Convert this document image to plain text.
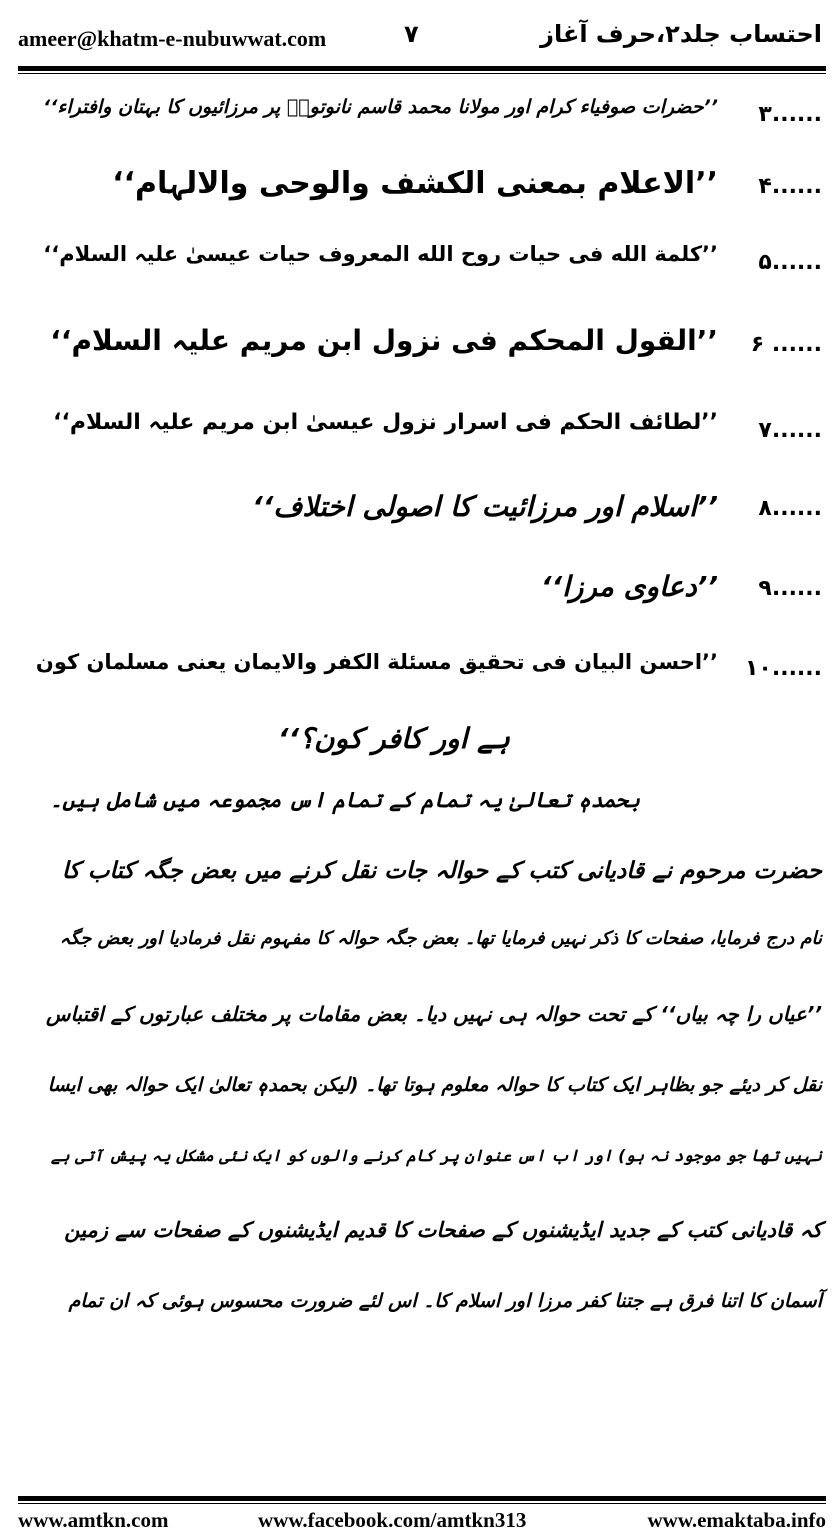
ameer@khatm-e-nubuwwat.com	۷	احتساب جلد۲،حرف آغاز
’’حضرات صوفیاء کرام اور مولانا محمد قاسم نانوتویؒ پر مرزائیوں کا بہتان وافتراء‘‘ ۳......
’’الاعلام بمعنی الکشف والوحی والالہام‘‘ ۴......
’’کلمة الله فی حیات روح الله المعروف حیات عیسیٰ علیہ السلام‘‘ ۵......
’’القول المحکم فی نزول ابن مریم علیہ السلام‘‘ ۶ ......
’’لطائف الحکم فی اسرار نزول عیسیٰ ابن مریم علیہ السلام‘‘ ۷......
’’اسلام اور مرزائیت کا اصولی اختلاف‘‘ ۸......
’’دعاوی مرزا‘‘ ۹......
’’احسن البیان فی تحقیق مسئلة الکفر والایمان یعنی مسلمان کون ۱۰......
ہے اور کافر کون؟‘‘
بحمدہٖ تعالیٰ یہ تمام کے تمام اس مجموعہ میں شامل ہیں۔
حضرت مرحوم نے قادیانی کتب کے حوالہ جات نقل کرنے میں بعض جگہ کتاب کا
نام درج فرمایا، صفحات کا ذکر نہیں فرمایا تھا۔ بعض جگہ حوالہ کا مفہوم نقل فرمادیا اور بعض جگہ
’’عیاں را چہ بیاں‘‘ کے تحت حوالہ ہی نہیں دیا۔ بعض مقامات پر مختلف عبارتوں کے اقتباس
نقل کر دیئے جو بظاہر ایک کتاب کا حوالہ معلوم ہوتا تھا۔ (لیکن بحمدہٖ تعالیٰ ایک حوالہ بھی ایسا
نہیں تھا جو موجود نہ ہو) اور اب اس عنوان پر کام کرنے والوں کو ایک نئی مشکل یہ پیش آتی ہے
کہ قادیانی کتب کے جدید ایڈیشنوں کے صفحات کا قدیم ایڈیشنوں کے صفحات سے زمین
آسمان کا اتنا فرق ہے جتنا کفر مرزا اور اسلام کا۔ اس لئے ضرورت محسوس ہوئی کہ ان تمام
www.amtkn.com	www.facebook.com/amtkn313	www.emaktaba.info
